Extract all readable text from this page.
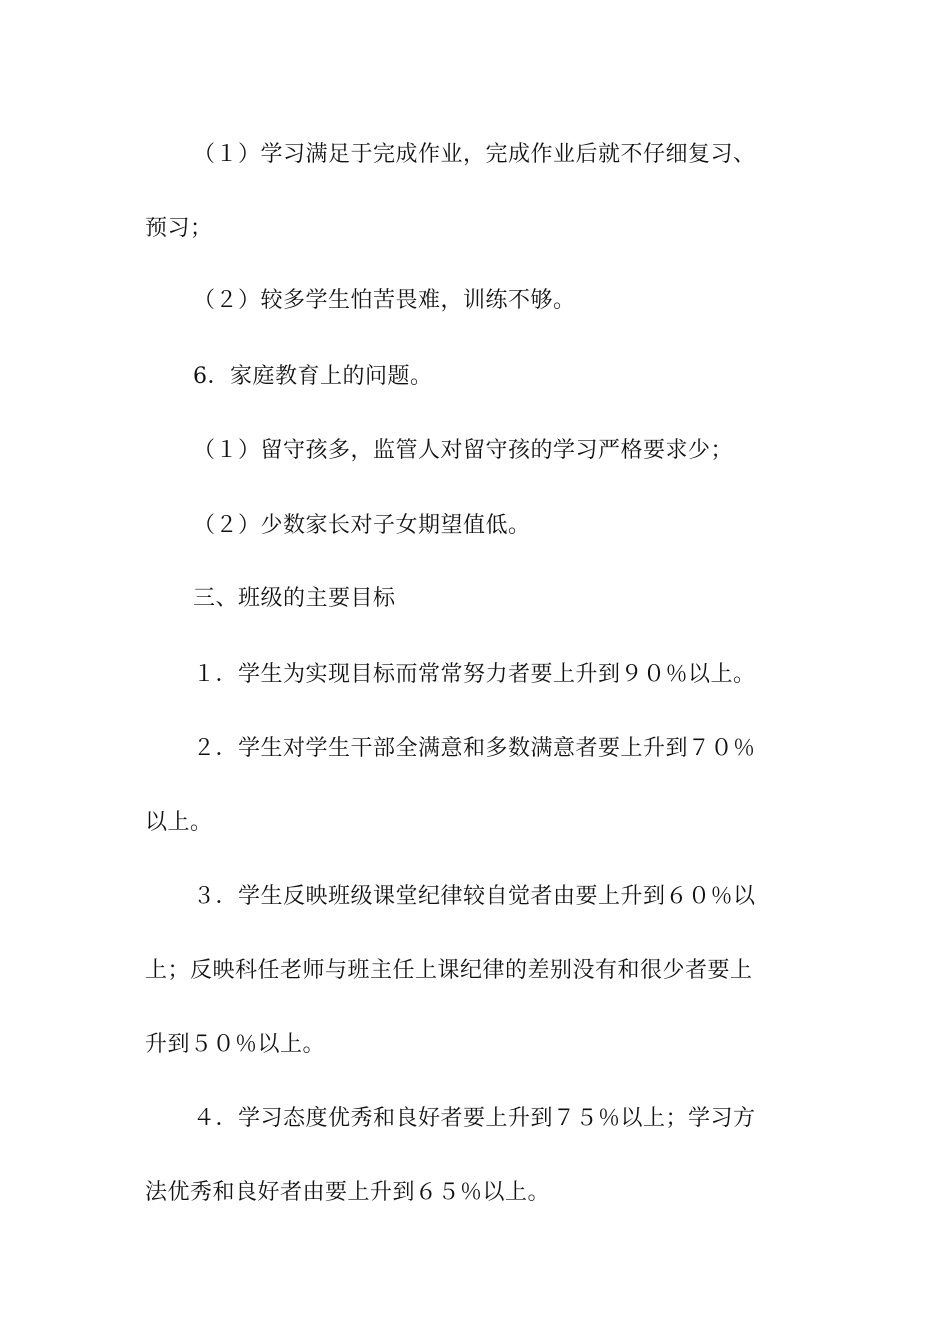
（１）学习满足于完成作业，完成作业后就不仔细复习、
预习；
（２）较多学生怕苦畏难，训练不够。
6．家庭教育上的问题。
（１）留守孩多，监管人对留守孩的学习严格要求少；
（２）少数家长对子女期望值低。
三、班级的主要目标
１．学生为实现目标而常常努力者要上升到９０％以上。
２．学生对学生干部全满意和多数满意者要上升到７０％
以上。
３．学生反映班级课堂纪律较自觉者由要上升到６０％以
上；反映科任老师与班主任上课纪律的差别没有和很少者要上
升到５０％以上。
４．学习态度优秀和良好者要上升到７５％以上；学习方
法优秀和良好者由要上升到６５％以上。
